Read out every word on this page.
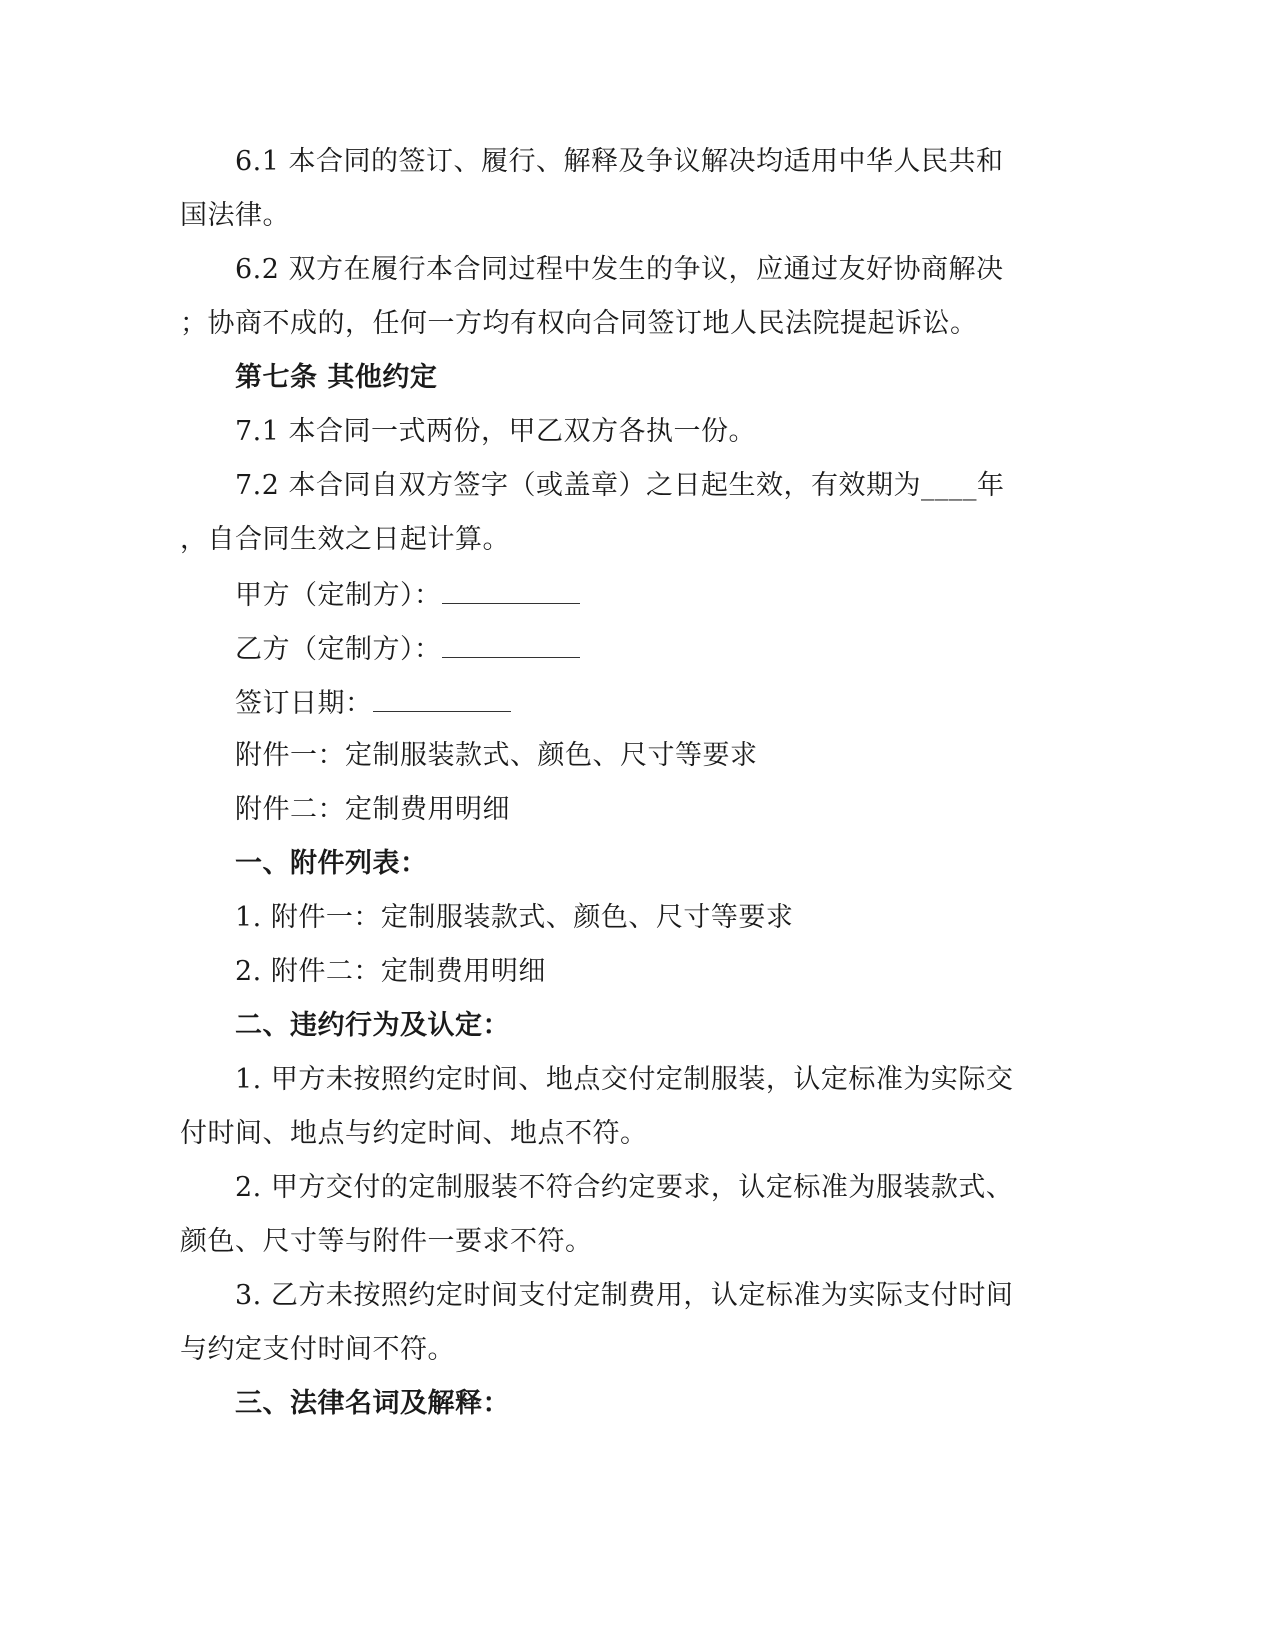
6.1 本合同的签订、履行、解释及争议解决均适用中华人民共和
国法律。
6.2 双方在履行本合同过程中发生的争议，应通过友好协商解决
；协商不成的，任何一方均有权向合同签订地人民法院提起诉讼。
第七条 其他约定
7.1 本合同一式两份，甲乙双方各执一份。
7.2 本合同自双方签字（或盖章）之日起生效，有效期为____年
，自合同生效之日起计算。
甲方（定制方）：
乙方（定制方）：
签订日期：
附件一：定制服装款式、颜色、尺寸等要求
附件二：定制费用明细
一、附件列表：
1. 附件一：定制服装款式、颜色、尺寸等要求
2. 附件二：定制费用明细
二、违约行为及认定：
1. 甲方未按照约定时间、地点交付定制服装，认定标准为实际交
付时间、地点与约定时间、地点不符。
2. 甲方交付的定制服装不符合约定要求，认定标准为服装款式、
颜色、尺寸等与附件一要求不符。
3. 乙方未按照约定时间支付定制费用，认定标准为实际支付时间
与约定支付时间不符。
三、法律名词及解释：
